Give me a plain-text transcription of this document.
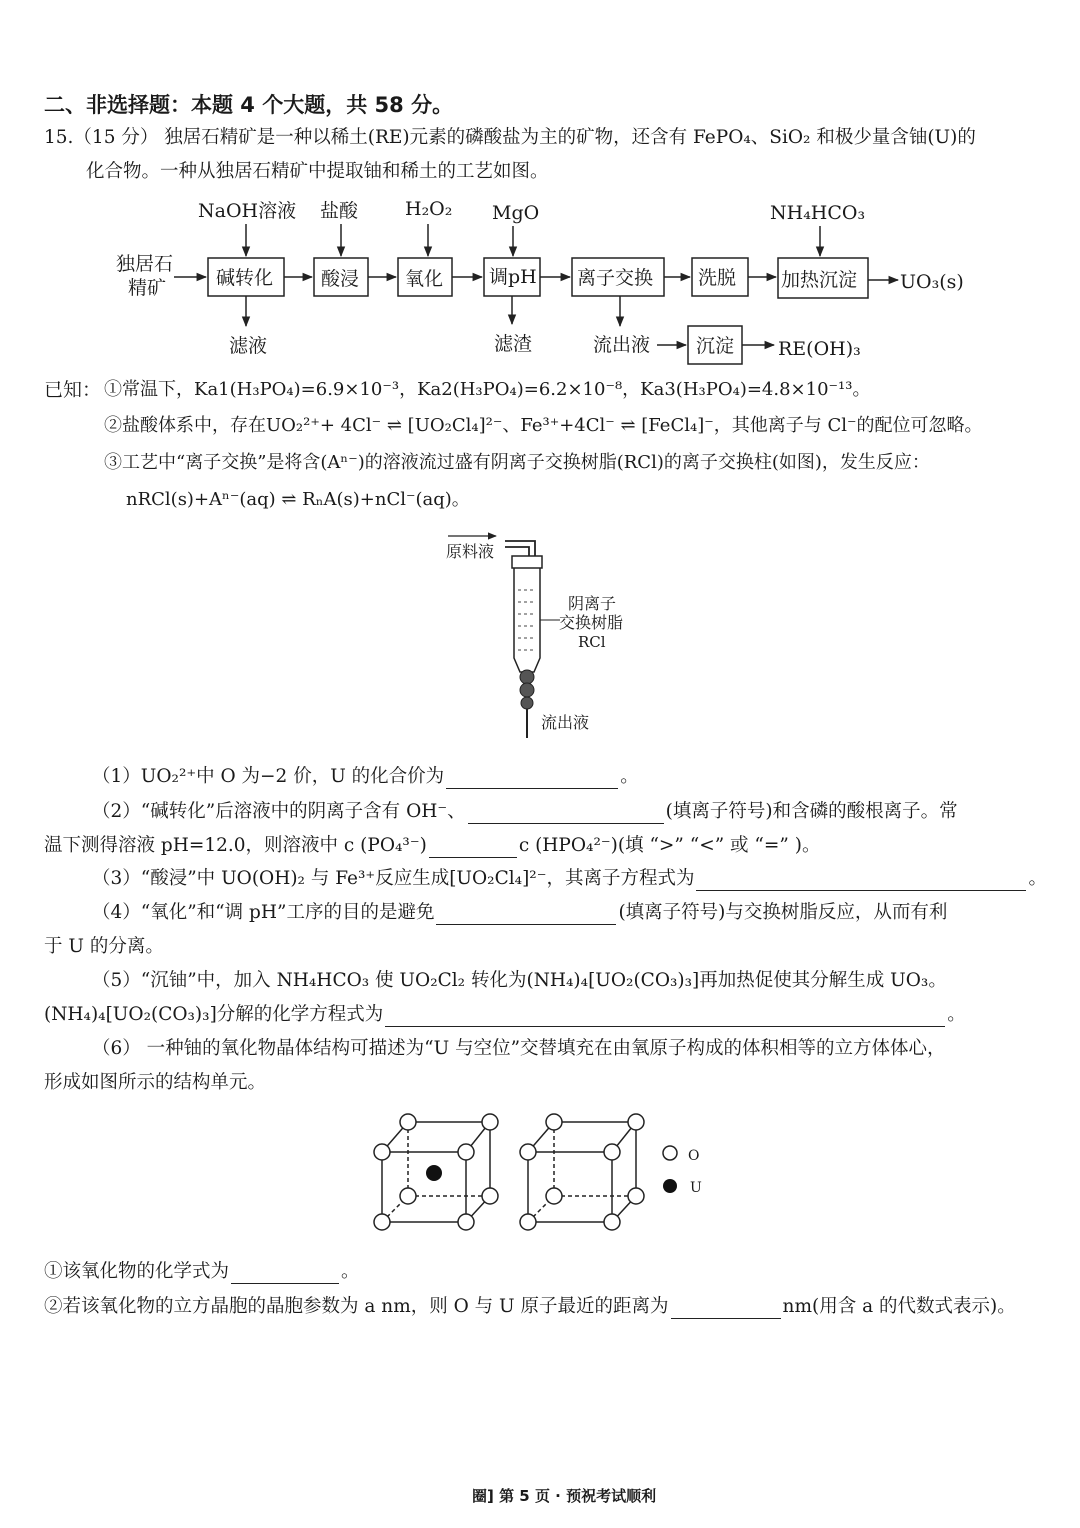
二、非选择题：本题 4 个大题，共 58 分。
15.（15 分） 独居石精矿是一种以稀土(RE)元素的磷酸盐为主的矿物，还含有 FePO₄、SiO₂ 和极少量含铀(U)的
化合物。一种从独居石精矿中提取铀和稀土的工艺如图。
独居石
精矿
NaOH溶液 盐酸 H₂O₂ MgO	NH₄HCO₃
碱转化	酸浸 氧化 调pH 离子交换 洗脱 加热沉淀 UO₃(s)
滤液	滤渣	流出液 沉淀 RE(OH)₃
已知： ①常温下，Ka1(H₃PO₄)=6.9×10⁻³，Ka2(H₃PO₄)=6.2×10⁻⁸，Ka3(H₃PO₄)=4.8×10⁻¹³。
②盐酸体系中，存在UO₂²⁺+ 4Cl⁻ ⇌ [UO₂Cl₄]²⁻、Fe³⁺+4Cl⁻ ⇌ [FeCl₄]⁻，其他离子与 Cl⁻的配位可忽略。
③工艺中“离子交换”是将含(Aⁿ⁻)的溶液流过盛有阴离子交换树脂(RCl)的离子交换柱(如图)，发生反应：
nRCl(s)+Aⁿ⁻(aq) ⇌ RₙA(s)+nCl⁻(aq)。
原料液
阴离子
交换树脂
RCl
流出液
（1）UO₂²⁺中 O 为−2 价，U 的化合价为	。
（2）“碱转化”后溶液中的阴离子含有 OH⁻、	(填离子符号)和含磷的酸根离子。常
温下测得溶液 pH=12.0，则溶液中 c (PO₄³⁻)	c (HPO₄²⁻)(填 “>” “<” 或 “=” )。
（3）“酸浸”中 UO(OH)₂ 与 Fe³⁺反应生成[UO₂Cl₄]²⁻，其离子方程式为	。
（4）“氧化”和“调 pH”工序的目的是避免	(填离子符号)与交换树脂反应，从而有利
于 U 的分离。
（5）“沉铀”中，加入 NH₄HCO₃ 使 UO₂Cl₂ 转化为(NH₄)₄[UO₂(CO₃)₃]再加热促使其分解生成 UO₃。
(NH₄)₄[UO₂(CO₃)₃]分解的化学方程式为	。
（6） 一种铀的氧化物晶体结构可描述为“U 与空位”交替填充在由氧原子构成的体积相等的立方体体心，
形成如图所示的结构单元。
O
U
①该氧化物的化学式为	。
②若该氧化物的立方晶胞的晶胞参数为 a nm，则 O 与 U 原子最近的距离为	nm(用含 a 的代数式表示)。
圈] 第 5 页 · 预祝考试顺利
